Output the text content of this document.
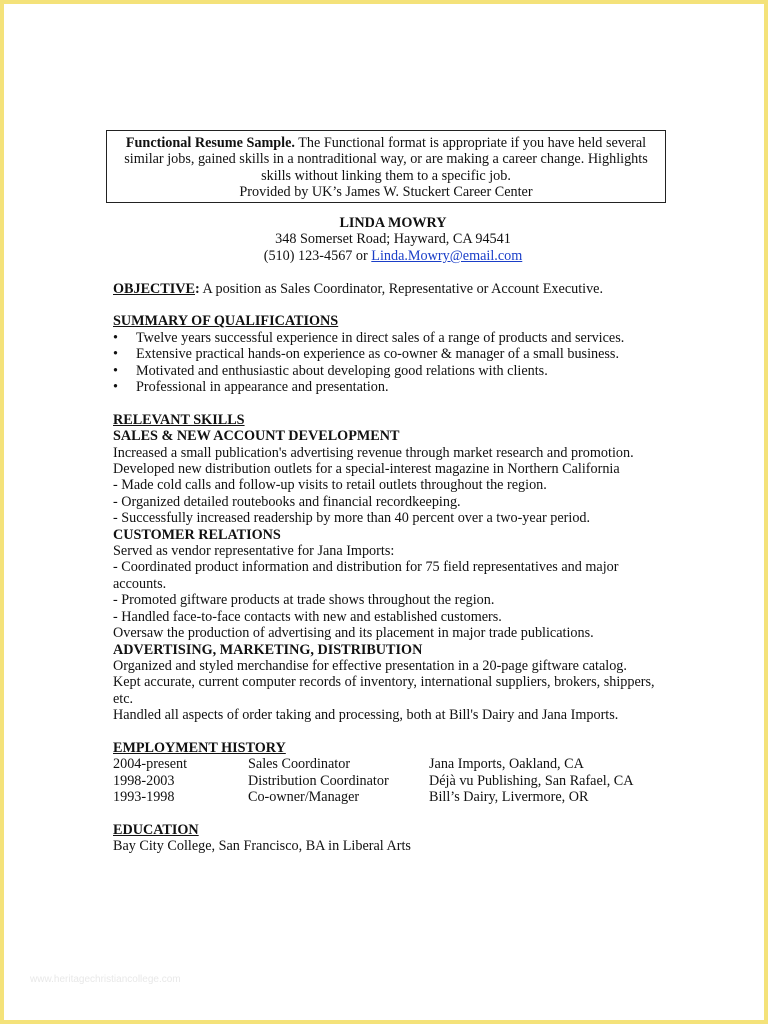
Functional Resume Sample. The Functional format is appropriate if you have held several similar jobs, gained skills in a nontraditional way, or are making a career change. Highlights skills without linking them to a specific job.
Provided by UK’s James W. Stuckert Career Center
LINDA MOWRY
348 Somerset Road; Hayward, CA 94541
(510) 123-4567 or Linda.Mowry@email.com
OBJECTIVE: A position as Sales Coordinator, Representative or Account Executive.
SUMMARY OF QUALIFICATIONS
• Twelve years successful experience in direct sales of a range of products and services.
• Extensive practical hands-on experience as co-owner & manager of a small business.
• Motivated and enthusiastic about developing good relations with clients.
• Professional in appearance and presentation.
RELEVANT SKILLS
SALES & NEW ACCOUNT DEVELOPMENT
Increased a small publication's advertising revenue through market research and promotion.
Developed new distribution outlets for a special-interest magazine in Northern California
- Made cold calls and follow-up visits to retail outlets throughout the region.
- Organized detailed routebooks and financial recordkeeping.
- Successfully increased readership by more than 40 percent over a two-year period.
CUSTOMER RELATIONS
Served as vendor representative for Jana Imports:
- Coordinated product information and distribution for 75 field representatives and major accounts.
- Promoted giftware products at trade shows throughout the region.
- Handled face-to-face contacts with new and established customers.
Oversaw the production of advertising and its placement in major trade publications.
ADVERTISING, MARKETING, DISTRIBUTION
Organized and styled merchandise for effective presentation in a 20-page giftware catalog.
Kept accurate, current computer records of inventory, international suppliers, brokers, shippers, etc.
Handled all aspects of order taking and processing, both at Bill's Dairy and Jana Imports.
EMPLOYMENT HISTORY
2004-present	Sales Coordinator	Jana Imports, Oakland, CA
1998-2003	Distribution Coordinator	Déjà vu Publishing, San Rafael, CA
1993-1998	Co-owner/Manager	Bill’s Dairy, Livermore, OR
EDUCATION
Bay City College, San Francisco, BA in Liberal Arts
www.heritagechristiancollege.com
